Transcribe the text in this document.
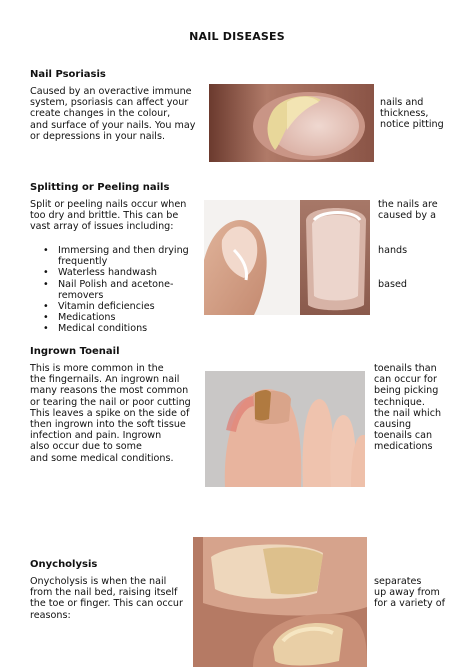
NAIL DISEASES
Nail Psoriasis
Caused by an overactive immune
system, psoriasis can affect your
create changes in the colour,
and surface of your nails. You may
or depressions in your nails.
nails and
thickness,
notice pitting
Splitting or Peeling nails
Split or peeling nails occur when
too dry and brittle. This can be
vast array of issues including:
the nails are
caused by a
• Immersing and then drying
frequently
• Waterless handwash
• Nail Polish and acetone-
removers
• Vitamin deficiencies
• Medications
• Medical conditions
hands
based
Ingrown Toenail
This is more common in the
the fingernails. An ingrown nail
many reasons the most common
or tearing the nail or poor cutting
This leaves a spike on the side of
then ingrown into the soft tissue
infection and pain. Ingrown
also occur due to some
and some medical conditions.
toenails than
can occur for
being picking
technique.
the nail which
causing
toenails can
medications
Onycholysis
Onycholysis is when the nail
from the nail bed, raising itself
the toe or finger. This can occur
reasons:
separates
up away from
for a variety of
